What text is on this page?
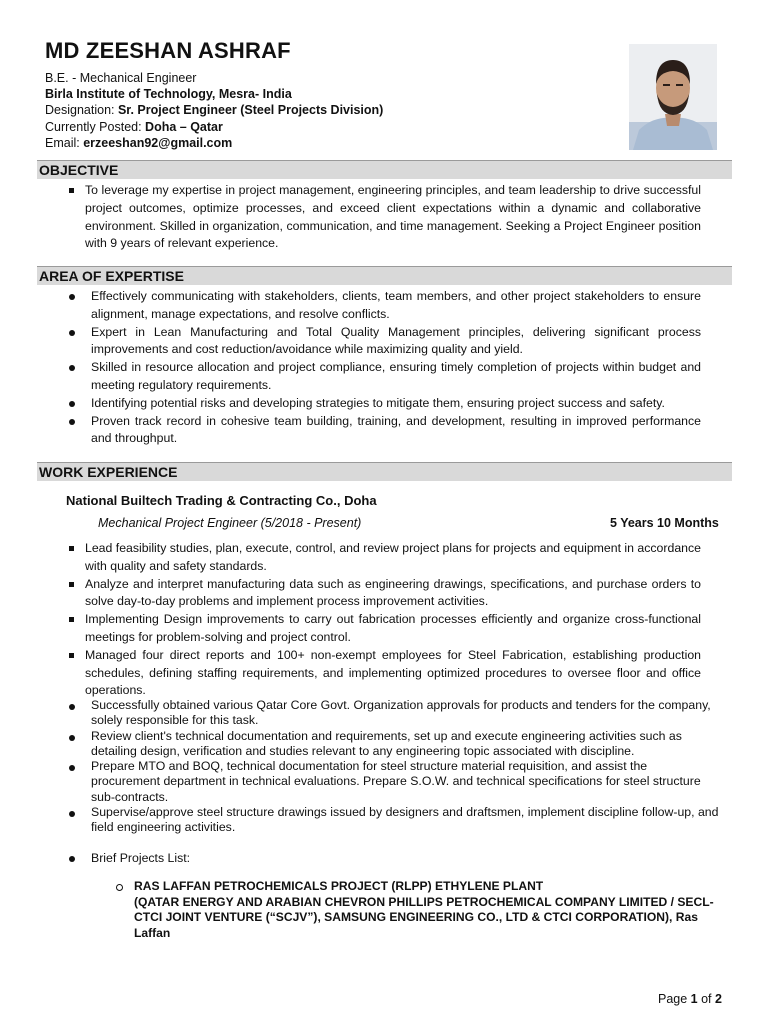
MD ZEESHAN ASHRAF
B.E. - Mechanical Engineer
Birla Institute of Technology, Mesra- India
Designation: Sr. Project Engineer (Steel Projects Division)
Currently Posted: Doha – Qatar
Email: erzeeshan92@gmail.com
OBJECTIVE
To leverage my expertise in project management, engineering principles, and team leadership to drive successful project outcomes, optimize processes, and exceed client expectations within a dynamic and collaborative environment. Skilled in organization, communication, and time management. Seeking a Project Engineer position with 9 years of relevant experience.
AREA OF EXPERTISE
Effectively communicating with stakeholders, clients, team members, and other project stakeholders to ensure alignment, manage expectations, and resolve conflicts.
Expert in Lean Manufacturing and Total Quality Management principles, delivering significant process improvements and cost reduction/avoidance while maximizing quality and yield.
Skilled in resource allocation and project compliance, ensuring timely completion of projects within budget and meeting regulatory requirements.
Identifying potential risks and developing strategies to mitigate them, ensuring project success and safety.
Proven track record in cohesive team building, training, and development, resulting in improved performance and throughput.
WORK EXPERIENCE
National Builtech Trading & Contracting Co., Doha
Mechanical Project Engineer (5/2018 - Present)	5 Years 10 Months
Lead feasibility studies, plan, execute, control, and review project plans for projects and equipment in accordance with quality and safety standards.
Analyze and interpret manufacturing data such as engineering drawings, specifications, and purchase orders to solve day-to-day problems and implement process improvement activities.
Implementing Design improvements to carry out fabrication processes efficiently and organize cross-functional meetings for problem-solving and project control.
Managed four direct reports and 100+ non-exempt employees for Steel Fabrication, establishing production schedules, defining staffing requirements, and implementing optimized procedures to oversee floor and office operations.
Successfully obtained various Qatar Core Govt. Organization approvals for products and tenders for the company, solely responsible for this task.
Review client's technical documentation and requirements, set up and execute engineering activities such as detailing design, verification and studies relevant to any engineering topic associated with discipline.
Prepare MTO and BOQ, technical documentation for steel structure material requisition, and assist the procurement department in technical evaluations. Prepare S.O.W. and technical specifications for steel structure sub-contracts.
Supervise/approve steel structure drawings issued by designers and draftsmen, implement discipline follow-up, and field engineering activities.
Brief Projects List:
RAS LAFFAN PETROCHEMICALS PROJECT (RLPP) ETHYLENE PLANT
(QATAR ENERGY AND ARABIAN CHEVRON PHILLIPS PETROCHEMICAL COMPANY LIMITED / SECL-CTCI JOINT VENTURE (“SCJV”), SAMSUNG ENGINEERING CO., LTD & CTCI CORPORATION), Ras Laffan
Page 1 of 2
